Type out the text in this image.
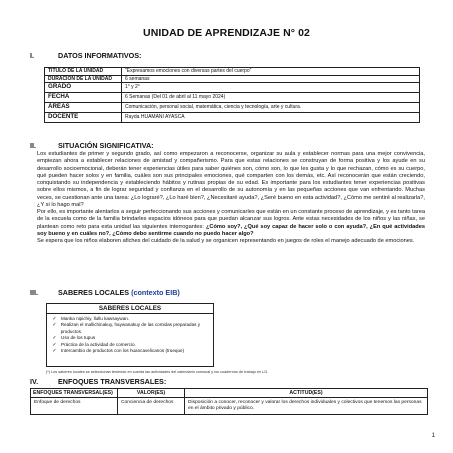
UNIDAD DE APRENDIZAJE N° 02
I.	DATOS INFORMATIVOS:
TITULO DE LA UNIDAD	"Expresamos emociones con diversas partes del cuerpo"
DURACION DE LA UNIDAD	6 semanas
GRADO	1° y 2°
FECHA	6 Semanas (Del 01 de abril al 11 mayo 2024)
ÁREAS	Comunicación, personal social, matemática, ciencia y tecnología, arte y cultura.
DOCENTE	Rayda HUAMANI AYASCA
II.	SITUACIÓN SIGNIFICATIVA:

Los estudiantes de primer y segundo grado, así como empezaron a reconocerse, organizar su aula y establecer normas para una mejor convivencia, empiezan ahora a establecer relaciones de amistad y compañerismo. Para que estas relaciones se construyan de forma positiva y los ayude en su desarrollo socioemocional, deberán tener experiencias útiles para saber quiénes son, cómo son, lo que les gusta y lo que rechazan, cómo es su cuerpo, qué pueden hacer solos y en familia, cuáles son sus principales emociones, qué comparten con los demás, etc. Así reconocerán que están creciendo, conquistando su independencia y estableciendo hábitos y rutinas propias de su edad. Es importante para los estudiantes tener experiencias positivas sobre ellos mismos, a fin de lograr seguridad y confianza en el desarrollo de su autonomía y en las pequeñas acciones que van enfrentando. Muchas veces, se cuestionan ante una tarea: ¿Lo lograré?, ¿Lo haré bien?, ¿Necesitaré ayuda?, ¿Seré bueno en esta actividad?, ¿Cómo me sentiré al realizarla?, ¿Y si lo hago mal?

Por ello, es importante alentarlos a seguir perfeccionando sus acciones y comunicarles que están en un constante proceso de aprendizaje, y es tanto tarea de la escuela como de la familia brindarles espacios idóneos para que puedan alcanzar sus logros. Ante estas necesidades de los niños y las niñas, se plantean como reto para esta unidad las siguientes interrogantes: ¿Cómo soy?, ¿Qué soy capaz de hacer solo o con ayuda?, ¿En qué actividades soy bueno y en cuáles no?, ¿Cómo debo sentirme cuando no puedo hacer algo?

Se espera que los niños elaboren afiches del cuidado de la salud y se organicen representando en juegos de roles el manejo adecuado de emociones.

III.	SABERES LOCALES
(contexto EIB)
SABERES LOCALES
✓ Manka nipichiy, llullu kawsaywan.
✓ Realizan el mallichinakuy, haywanakuy de las comidas preparadas y productos.
✓ Uso de los tupus
✓ Práctica de la actividad de comercio.
✓ Intercambio de productos con los huancavelicanos (trueque)
(*) Los saberes locales se seleccionan teniendo en cuenta las actividades del calendario comunal y los cuadernos de trabajo en LO.
IV.	ENFOQUES TRANSVERSALES:
ENFOQUES TRANSVERSAL(ES)	VALOR(ES)	ACTITUD(ES)
Enfoque de derechos	Conciencia de derechos	Disposición a conocer, reconocer y valorar los derechos individuales y colectivos que tenemos las personas en el ámbito privado y público.
1
